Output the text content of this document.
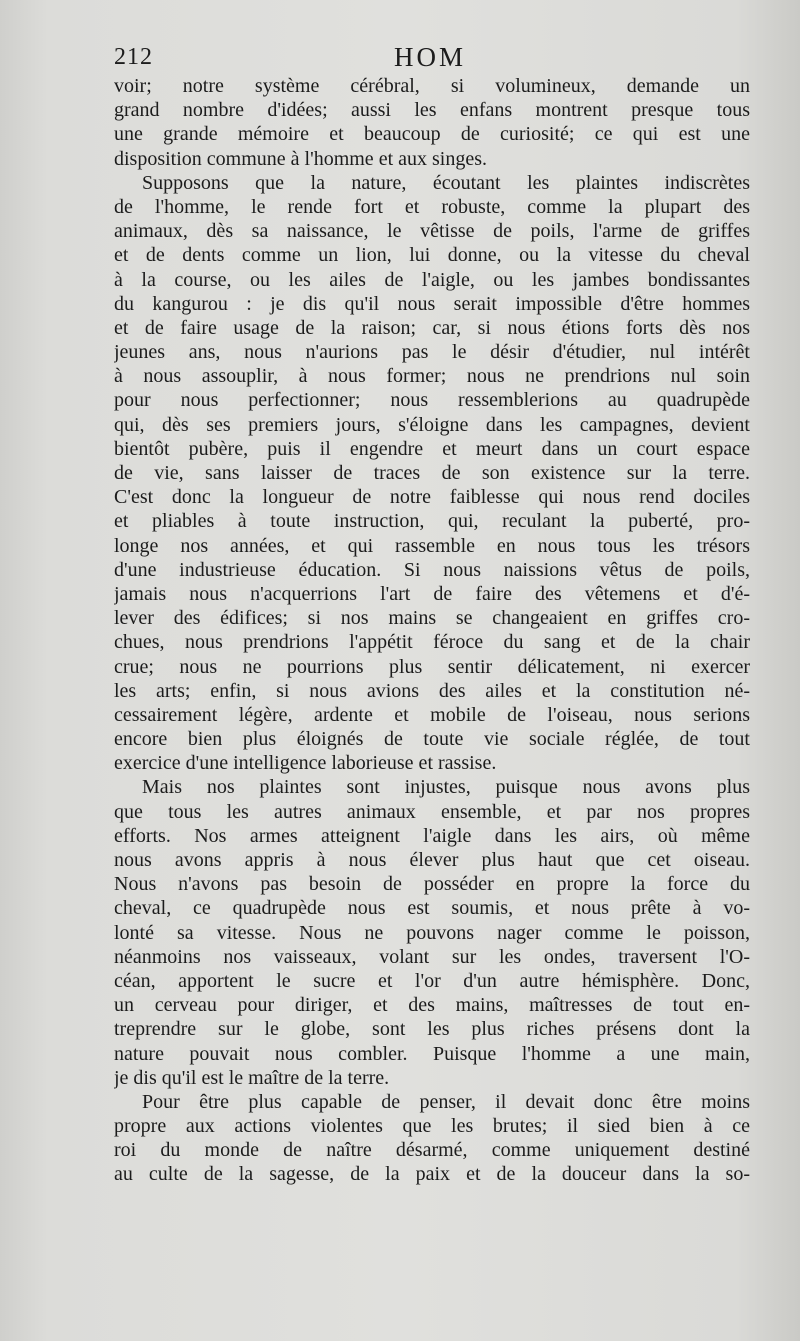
212	HOM
voir; notre système cérébral, si volumineux, demande un
grand nombre d'idées; aussi les enfans montrent presque tous
une grande mémoire et beaucoup de curiosité; ce qui est une
disposition commune à l'homme et aux singes.
Supposons que la nature, écoutant les plaintes indiscrètes
de l'homme, le rende fort et robuste, comme la plupart des
animaux, dès sa naissance, le vêtisse de poils, l'arme de griffes
et de dents comme un lion, lui donne, ou la vitesse du cheval
à la course, ou les ailes de l'aigle, ou les jambes bondissantes
du kangurou : je dis qu'il nous serait impossible d'être hommes
et de faire usage de la raison; car, si nous étions forts dès nos
jeunes ans, nous n'aurions pas le désir d'étudier, nul intérêt
à nous assouplir, à nous former; nous ne prendrions nul soin
pour nous perfectionner; nous ressemblerions au quadrupède
qui, dès ses premiers jours, s'éloigne dans les campagnes, devient
bientôt pubère, puis il engendre et meurt dans un court espace
de vie, sans laisser de traces de son existence sur la terre.
C'est donc la longueur de notre faiblesse qui nous rend dociles
et pliables à toute instruction, qui, reculant la puberté, pro-
longe nos années, et qui rassemble en nous tous les trésors
d'une industrieuse éducation. Si nous naissions vêtus de poils,
jamais nous n'acquerrions l'art de faire des vêtemens et d'é-
lever des édifices; si nos mains se changeaient en griffes cro-
chues, nous prendrions l'appétit féroce du sang et de la chair
crue; nous ne pourrions plus sentir délicatement, ni exercer
les arts; enfin, si nous avions des ailes et la constitution né-
cessairement légère, ardente et mobile de l'oiseau, nous serions
encore bien plus éloignés de toute vie sociale réglée, de tout
exercice d'une intelligence laborieuse et rassise.
Mais nos plaintes sont injustes, puisque nous avons plus
que tous les autres animaux ensemble, et par nos propres
efforts. Nos armes atteignent l'aigle dans les airs, où même
nous avons appris à nous élever plus haut que cet oiseau.
Nous n'avons pas besoin de posséder en propre la force du
cheval, ce quadrupède nous est soumis, et nous prête à vo-
lonté sa vitesse. Nous ne pouvons nager comme le poisson,
néanmoins nos vaisseaux, volant sur les ondes, traversent l'O-
céan, apportent le sucre et l'or d'un autre hémisphère. Donc,
un cerveau pour diriger, et des mains, maîtresses de tout en-
treprendre sur le globe, sont les plus riches présens dont la
nature pouvait nous combler. Puisque l'homme a une main,
je dis qu'il est le maître de la terre.
Pour être plus capable de penser, il devait donc être moins
propre aux actions violentes que les brutes; il sied bien à ce
roi du monde de naître désarmé, comme uniquement destiné
au culte de la sagesse, de la paix et de la douceur dans la so-
